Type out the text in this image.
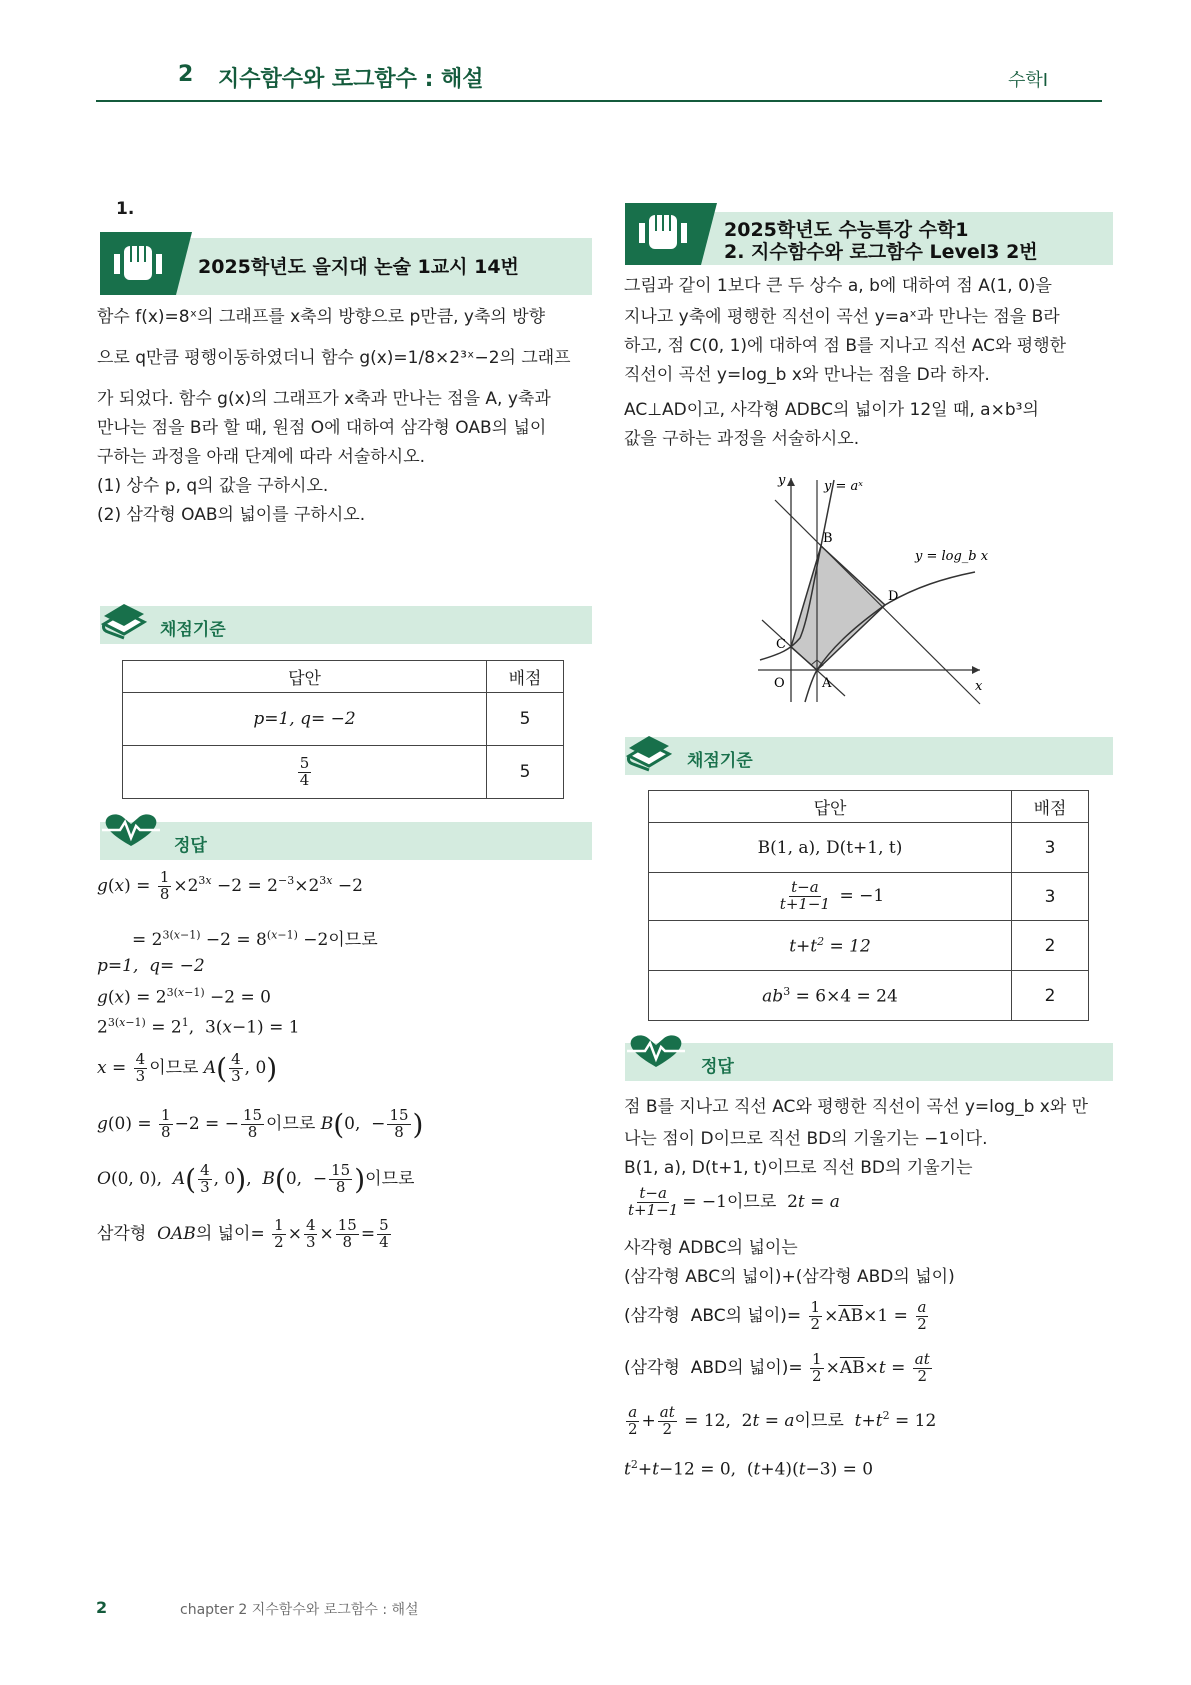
2 지수함수와 로그함수 : 해설	수학Ⅰ
1.
2025학년도 을지대 논술 1교시 14번
함수 f(x)=8ˣ의 그래프를 x축의 방향으로 p만큼, y축의 방향
으로 q만큼 평행이동하였더니 함수 g(x)=1/8×2³ˣ−2의 그래프
가 되었다. 함수 g(x)의 그래프가 x축과 만나는 점을 A, y축과
만나는 점을 B라 할 때, 원점 O에 대하여 삼각형 OAB의 넓이
구하는 과정을 아래 단계에 따라 서술하시오.
(1) 상수 p, q의 값을 구하시오.
(2) 삼각형 OAB의 넓이를 구하시오.
채점기준
답안	배점
p=1, q= −2	5

$\frac{5}{4}$	5
정답
$g(x) = \frac{1}{8} \times 2^{3x} -2 = 2^{-3}\times 2^{3x} -2$
= $2^{3(x-1)} -2 = 8^{(x-1)} -2$이므로
p=1,  q= −2
$g(x) = 2^{3(x-1)} -2 = 0$
$2^{3(x-1)} = 2^1$,  3(x−1) = 1
$x = \frac{4}{3}$ 이므로 $A( \frac{4}{3}$ , 0)
$g(0) = \frac{1}{8} -2$ = − $\frac{15}{8}$ 이므로 B(0,  − $\frac{15}{8}$ )
O(0, 0),  $A( \frac{4}{3}$ , 0),  B(0,  − $\frac{15}{8}$ )이므로
삼각형 OAB의 넓이= $\frac{1}{2} \times \frac{4}{3} \times \frac{15}{8} = \frac{5}{4}$
2025학년도 수능특강 수학1
2. 지수함수와 로그함수 Level3 2번
그림과 같이 1보다 큰 두 상수 a, b에 대하여 점 A(1, 0)을
지나고 y축에 평행한 직선이 곡선 y=aˣ과 만나는 점을 B라
하고, 점 C(0, 1)에 대하여 점 B를 지나고 직선 AC와 평행한
직선이 곡선 y=log_b x와 만나는 점을 D라 하자.
AC⊥AD이고, 사각형 ADBC의 넓이가 12일 때, a×b³의
값을 구하는 과정을 서술하시오.
y
x
O	A
B
C
D
y = aˣ
y = log_b x
채점기준
답안	배점
B(1, a), D(t+1, t)	3

$\frac{t-a}{t+1-1} = -1$	3
$t+t^2 = 12$	2
$ab^3 = 6\times 4 = 24$	2
정답
점 B를 지나고 직선 AC와 평행한 직선이 곡선 y=log_b x와 만
나는 점이 D이므로 직선 BD의 기울기는 −1이다.
B(1, a), D(t+1, t)이므로 직선 BD의 기울기는
$\frac{t-a}{t+1-1} = -1$이므로  2t = a
사각형 ADBC의 넓이는
(삼각형 ABC의 넓이)+(삼각형 ABD의 넓이)
(삼각형  ABC의 넓이)= $\frac{1}{2} \times\overline{AB}\times 1 = \frac{a}{2}$
(삼각형  ABD의 넓이)= $\frac{1}{2} \times\overline{AB}\times t = \frac{at}{2}$
$\frac{a}{2} + \frac{at}{2} = 12$,  2t = a이므로 $t+t^2 = 12$
$t^2+t-12 = 0$,  (t+4)(t−3) = 0
2	chapter 2 지수함수와 로그함수 : 해설
